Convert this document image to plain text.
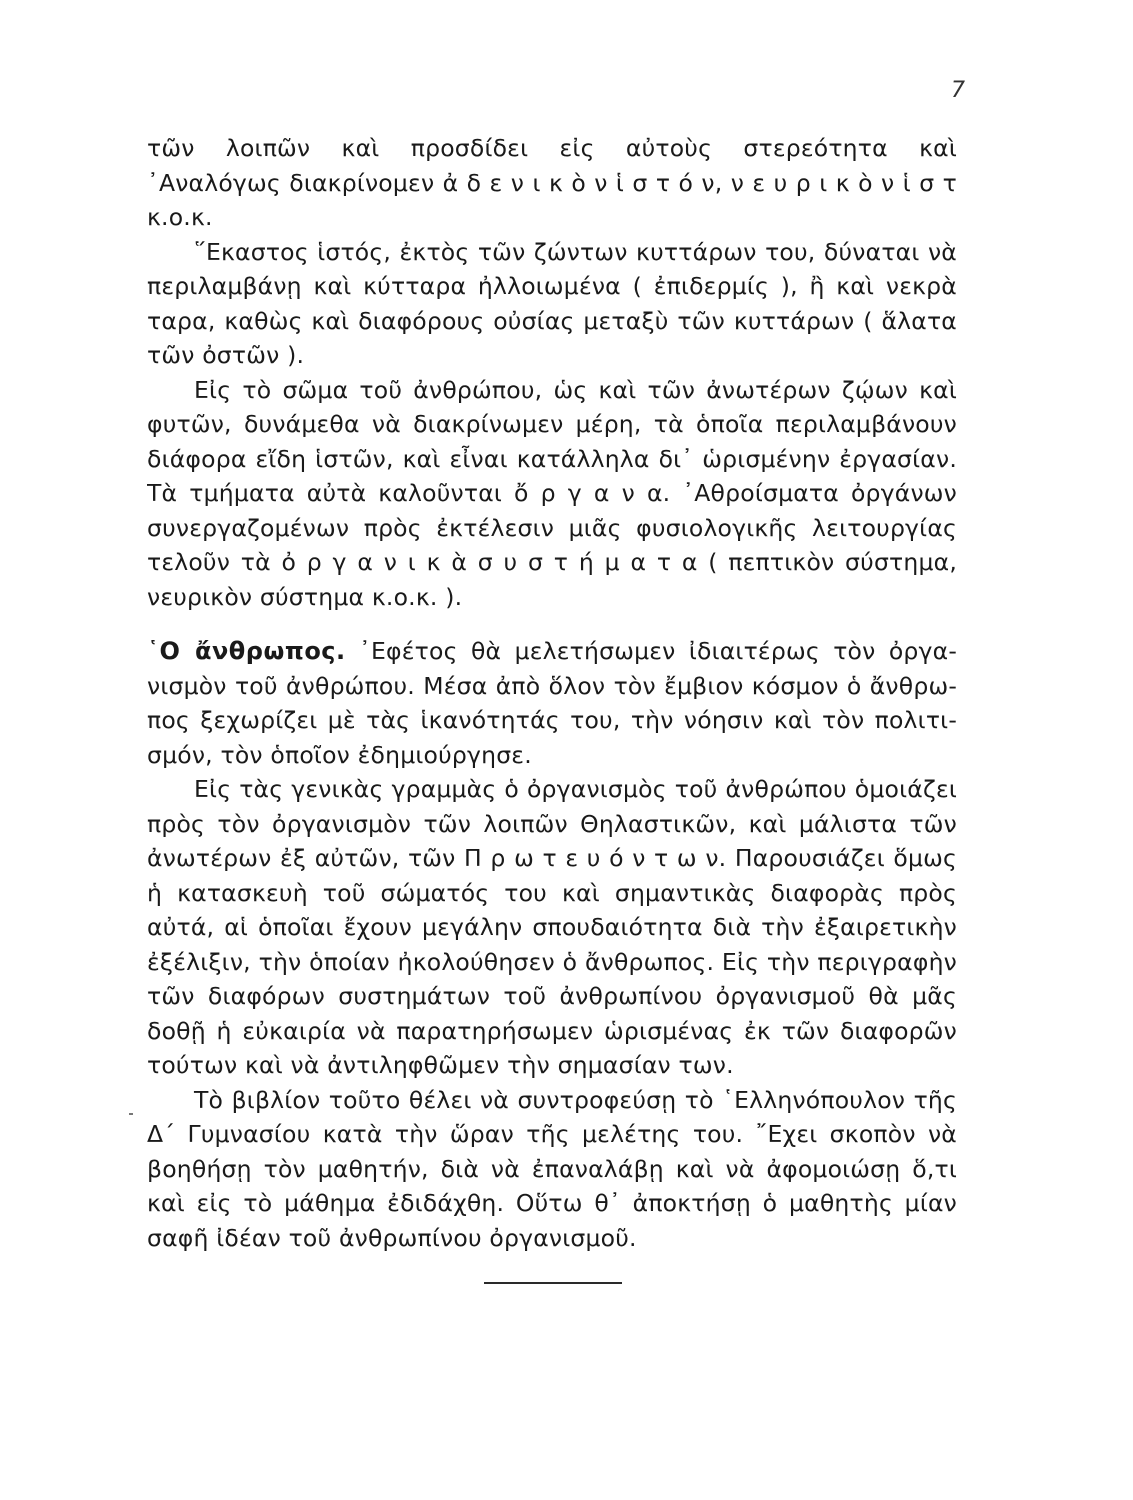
7
τῶν λοιπῶν καὶ προσδίδει εἰς αὐτοὺς στερεότητα καὶ
᾿Αναλόγως διακρίνομεν ἀ δ ε ν ι κ ὸ ν ἱ σ τ ό ν, ν ε υ ρ ι κ ὸ ν ἱ σ τ
κ.ο.κ.
῞Εκαστος ἱστός, ἐκτὸς τῶν ζώντων κυττάρων του, δύναται νὰ
περιλαμβάνῃ καὶ κύτταρα ἠλλοιωμένα ( ἐπιδερμίς ), ἢ καὶ νεκρὰ
ταρα, καθὼς καὶ διαφόρους οὐσίας μεταξὺ τῶν κυττάρων ( ἅλατα
τῶν ὀστῶν ).
Εἰς τὸ σῶμα τοῦ ἀνθρώπου, ὡς καὶ τῶν ἀνωτέρων ζῴων καὶ
φυτῶν, δυνάμεθα νὰ διακρίνωμεν μέρη, τὰ ὁποῖα περιλαμβάνουν
διάφορα εἴδη ἱστῶν, καὶ εἶναι κατάλληλα δι᾿ ὡρισμένην ἐργασίαν.
Τὰ τμήματα αὐτὰ καλοῦνται ὄ ρ γ α ν α. ᾿Αθροίσματα ὀργάνων
συνεργαζομένων πρὸς ἐκτέλεσιν μιᾶς φυσιολογικῆς λειτουργίας
τελοῦν τὰ ὀ ρ γ α ν ι κ ὰ σ υ σ τ ή μ α τ α ( πεπτικὸν σύστημα,
νευρικὸν σύστημα κ.ο.κ. ).
῾Ο ἄνθρωπος. ᾿Εφέτος θὰ μελετήσωμεν ἰδιαιτέρως τὸν ὀργα-
νισμὸν τοῦ ἀνθρώπου. Μέσα ἀπὸ ὅλον τὸν ἔμβιον κόσμον ὁ ἄνθρω-
πος ξεχωρίζει μὲ τὰς ἱκανότητάς του, τὴν νόησιν καὶ τὸν πολιτι-
σμόν, τὸν ὁποῖον ἐδημιούργησε.
Εἰς τὰς γενικὰς γραμμὰς ὁ ὀργανισμὸς τοῦ ἀνθρώπου ὁμοιάζει
πρὸς τὸν ὀργανισμὸν τῶν λοιπῶν Θηλαστικῶν, καὶ μάλιστα τῶν
ἀνωτέρων ἐξ αὐτῶν, τῶν Π ρ ω τ ε υ ό ν τ ω ν. Παρουσιάζει ὅμως
ἡ κατασκευὴ τοῦ σώματός του καὶ σημαντικὰς διαφορὰς πρὸς
αὐτά, αἱ ὁποῖαι ἔχουν μεγάλην σπουδαιότητα διὰ τὴν ἐξαιρετικὴν
ἐξέλιξιν, τὴν ὁποίαν ἠκολούθησεν ὁ ἄνθρωπος. Εἰς τὴν περιγραφὴν
τῶν διαφόρων συστημάτων τοῦ ἀνθρωπίνου ὀργανισμοῦ θὰ μᾶς
δοθῇ ἡ εὐκαιρία νὰ παρατηρήσωμεν ὡρισμένας ἐκ τῶν διαφορῶν
τούτων καὶ νὰ ἀντιληφθῶμεν τὴν σημασίαν των.
Τὸ βιβλίον τοῦτο θέλει νὰ συντροφεύσῃ τὸ ῾Ελληνόπουλον τῆς
Δ΄ Γυμνασίου κατὰ τὴν ὥραν τῆς μελέτης του. ῎Εχει σκοπὸν νὰ
βοηθήσῃ τὸν μαθητήν, διὰ νὰ ἐπαναλάβῃ καὶ νὰ ἀφομοιώσῃ ὅ,τι
καὶ εἰς τὸ μάθημα ἐδιδάχθη. Οὕτω θ᾿ ἀποκτήσῃ ὁ μαθητὴς μίαν
σαφῆ ἰδέαν τοῦ ἀνθρωπίνου ὀργανισμοῦ.
